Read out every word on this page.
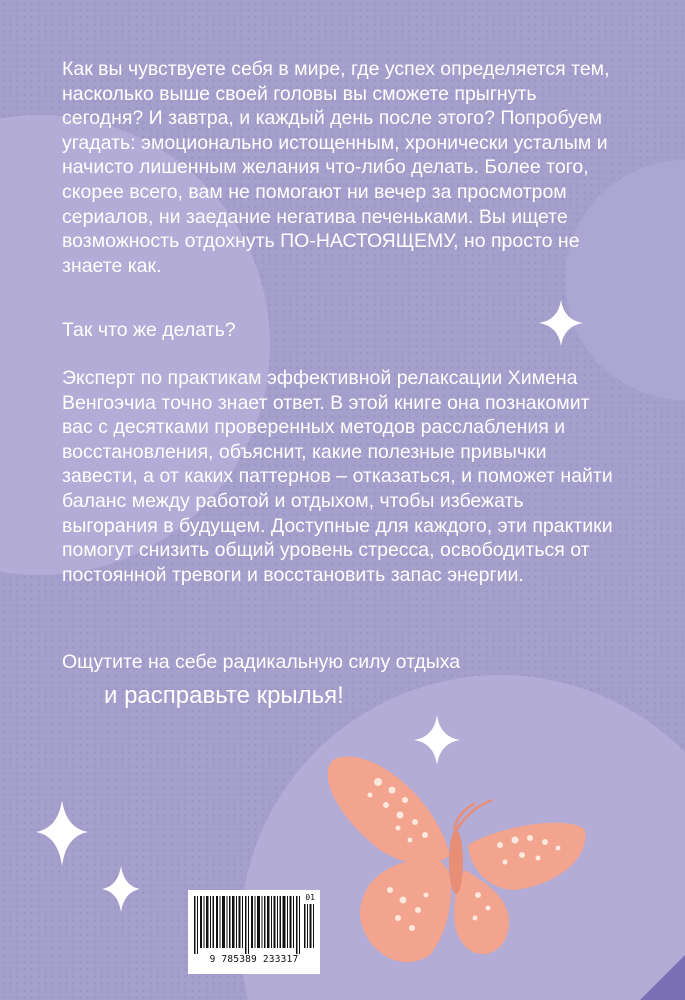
Как вы чувствуете себя в мире, где успех определяется тем, насколько выше своей головы вы сможете прыгнуть сегодня? И завтра, и каждый день после этого? Попробуем угадать: эмоционально истощенным, хронически усталым и начисто лишенным желания что-либо делать. Более того, скорее всего, вам не помогают ни вечер за просмотром сериалов, ни заедание негатива печеньками. Вы ищете возможность отдохнуть ПО-НАСТОЯЩЕМУ, но просто не знаете как.
Так что же делать?
Эксперт по практикам эффективной релаксации Химена Венгоэчиа точно знает ответ. В этой книге она познакомит вас с десятками проверенных методов расслабления и восстановления, объяснит, какие полезные привычки завести, а от каких паттернов – отказаться, и поможет найти баланс между работой и отдыхом, чтобы избежать выгорания в будущем. Доступные для каждого, эти практики помогут снизить общий уровень стресса, освободиться от постоянной тревоги и восстановить запас энергии.
Ощутите на себе радикальную силу отдыха
и расправьте крылья!
01
9 785389 233317
